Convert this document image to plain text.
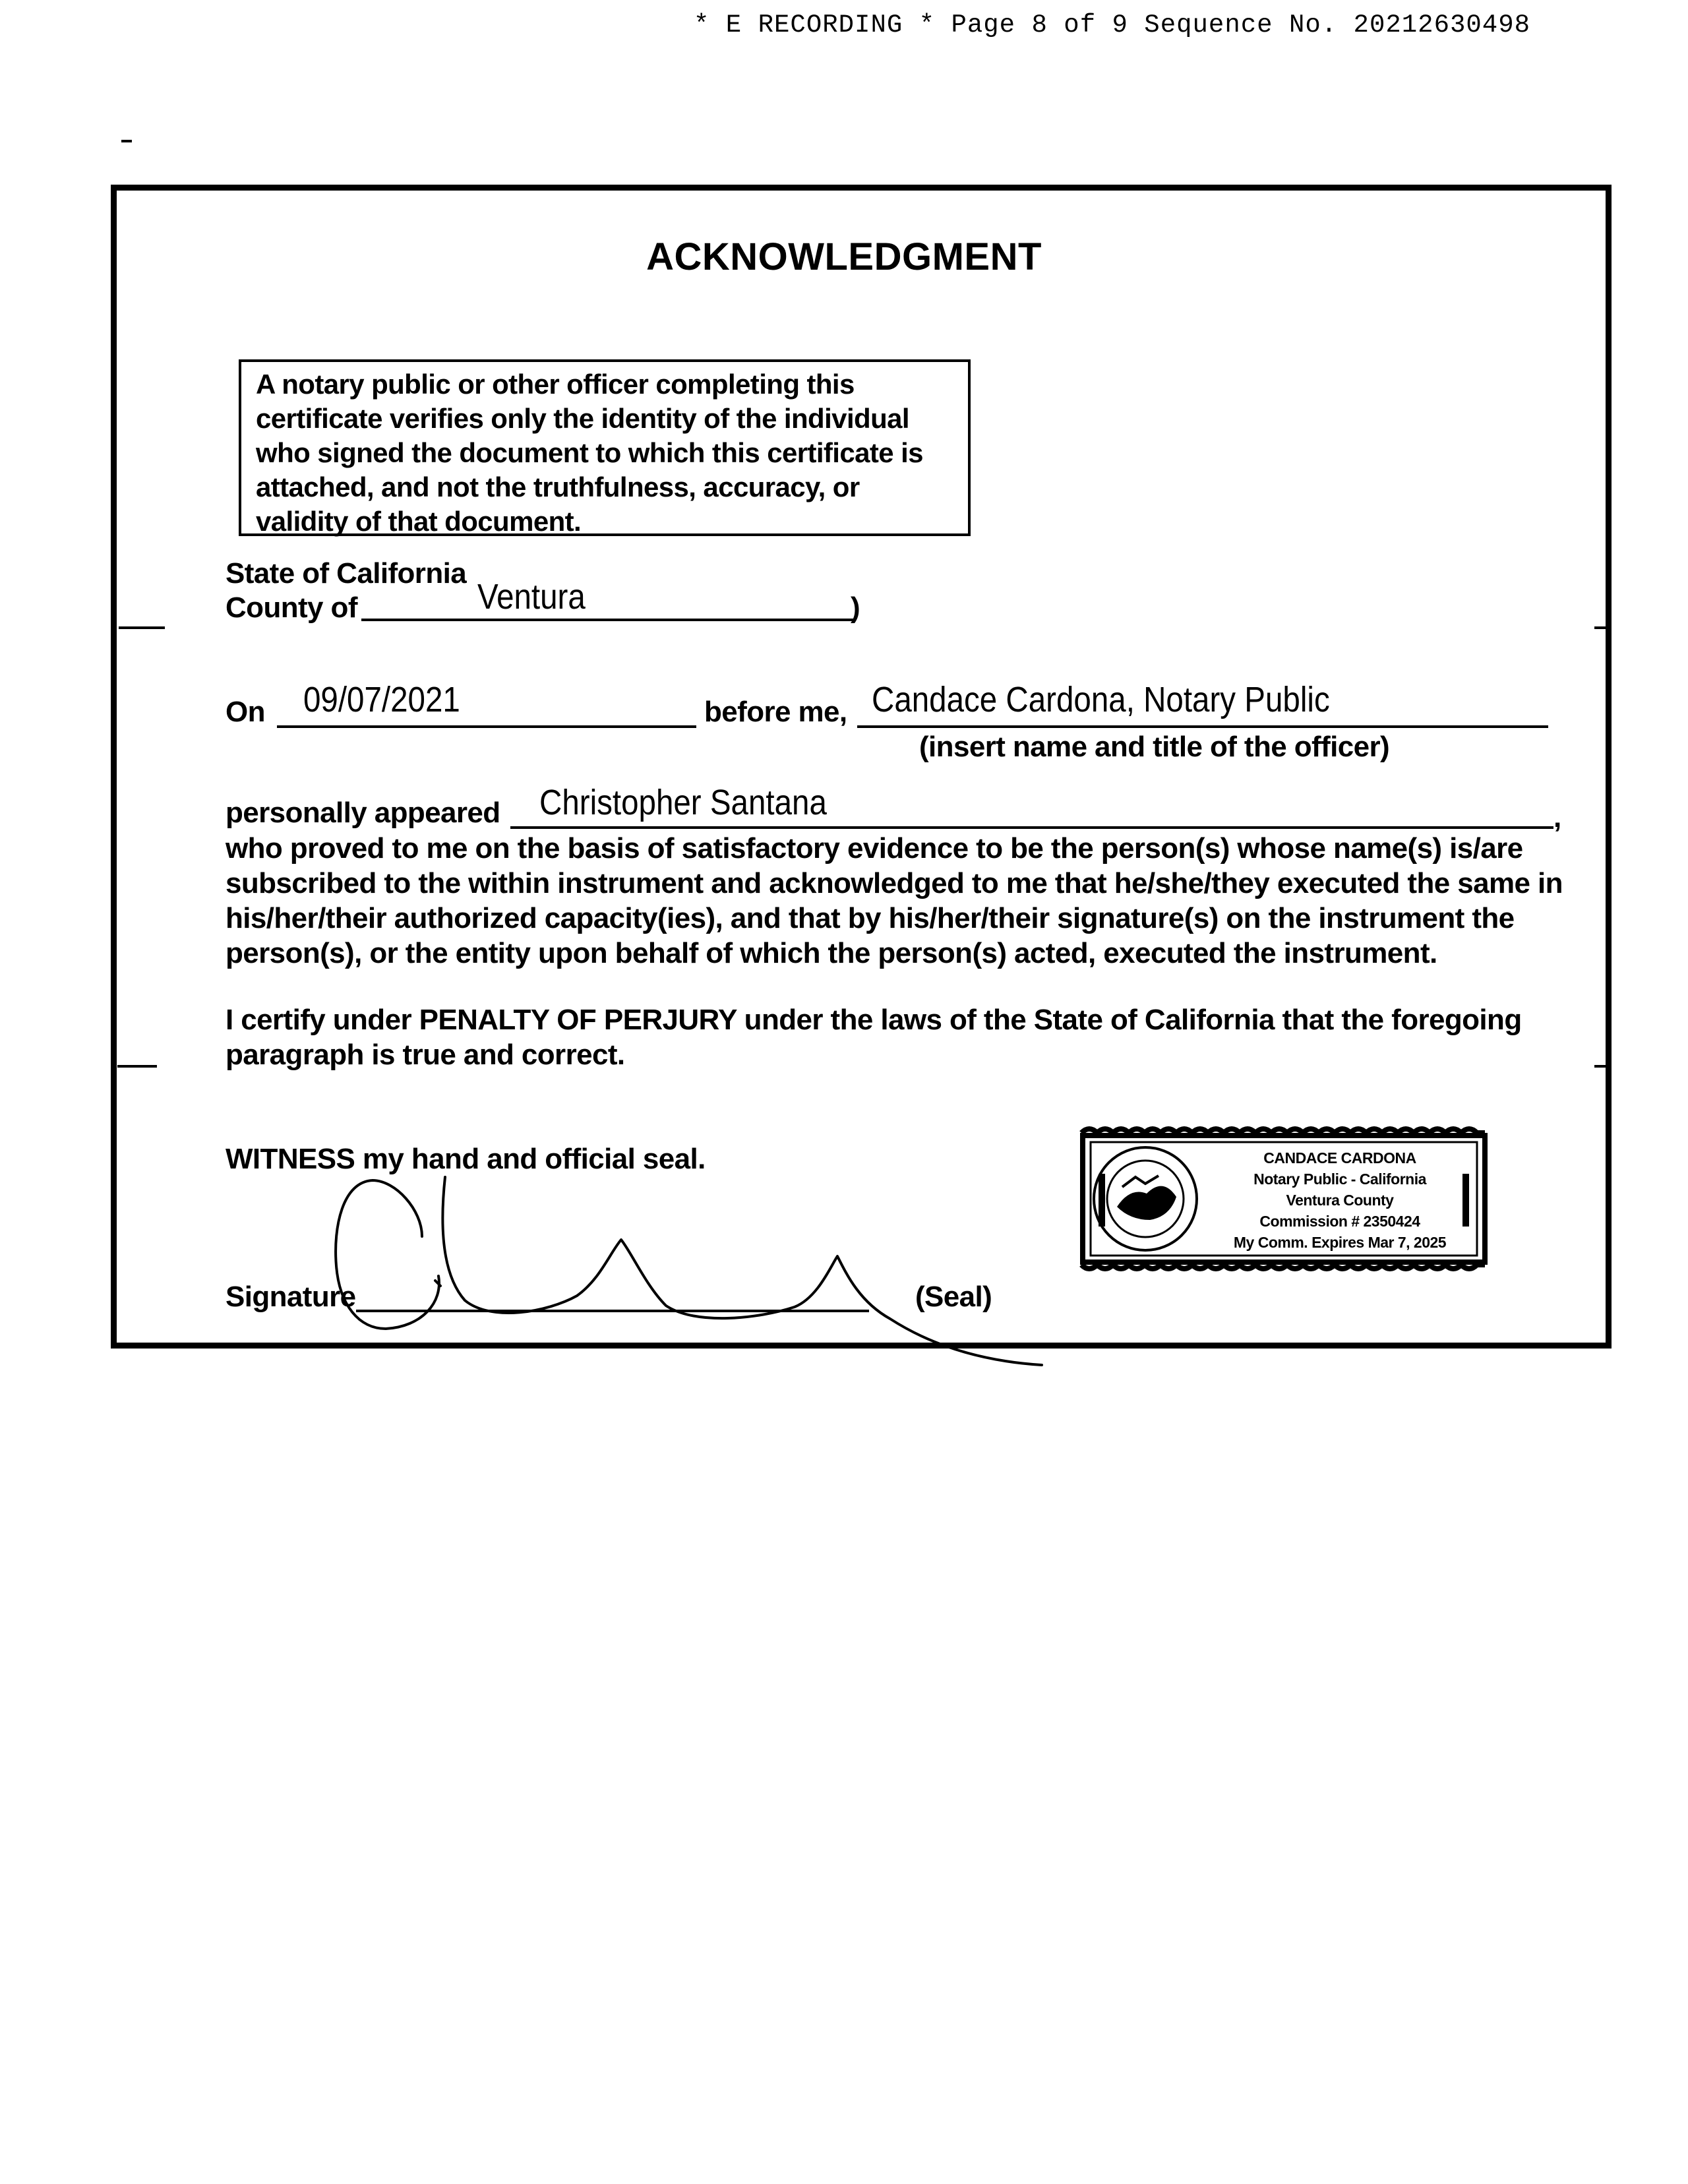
* E RECORDING * Page 8 of 9 Sequence No. 20212630498
ACKNOWLEDGMENT
A notary public or other officer completing this
certificate verifies only the identity of the individual
who signed the document to which this certificate is
attached, and not the truthfulness, accuracy, or
validity of that document.
State of California
County of	Ventura	)
On 09/07/2021	before me, Candace Cardona, Notary Public
(insert name and title of the officer)
personally appeared Christopher Santana	,
who proved to me on the basis of satisfactory evidence to be the person(s) whose name(s) is/are subscribed to the within instrument and acknowledged to me that he/she/they executed the same in his/her/their authorized capacity(ies), and that by his/her/their signature(s) on the instrument the person(s), or the entity upon behalf of which the person(s) acted, executed the instrument.
I certify under PENALTY OF PERJURY under the laws of the State of California that the foregoing paragraph is true and correct.
WITNESS my hand and official seal.
Signature	(Seal)
CANDACE CARDONA
Notary Public - California
Ventura County
Commission # 2350424
My Comm. Expires Mar 7, 2025
